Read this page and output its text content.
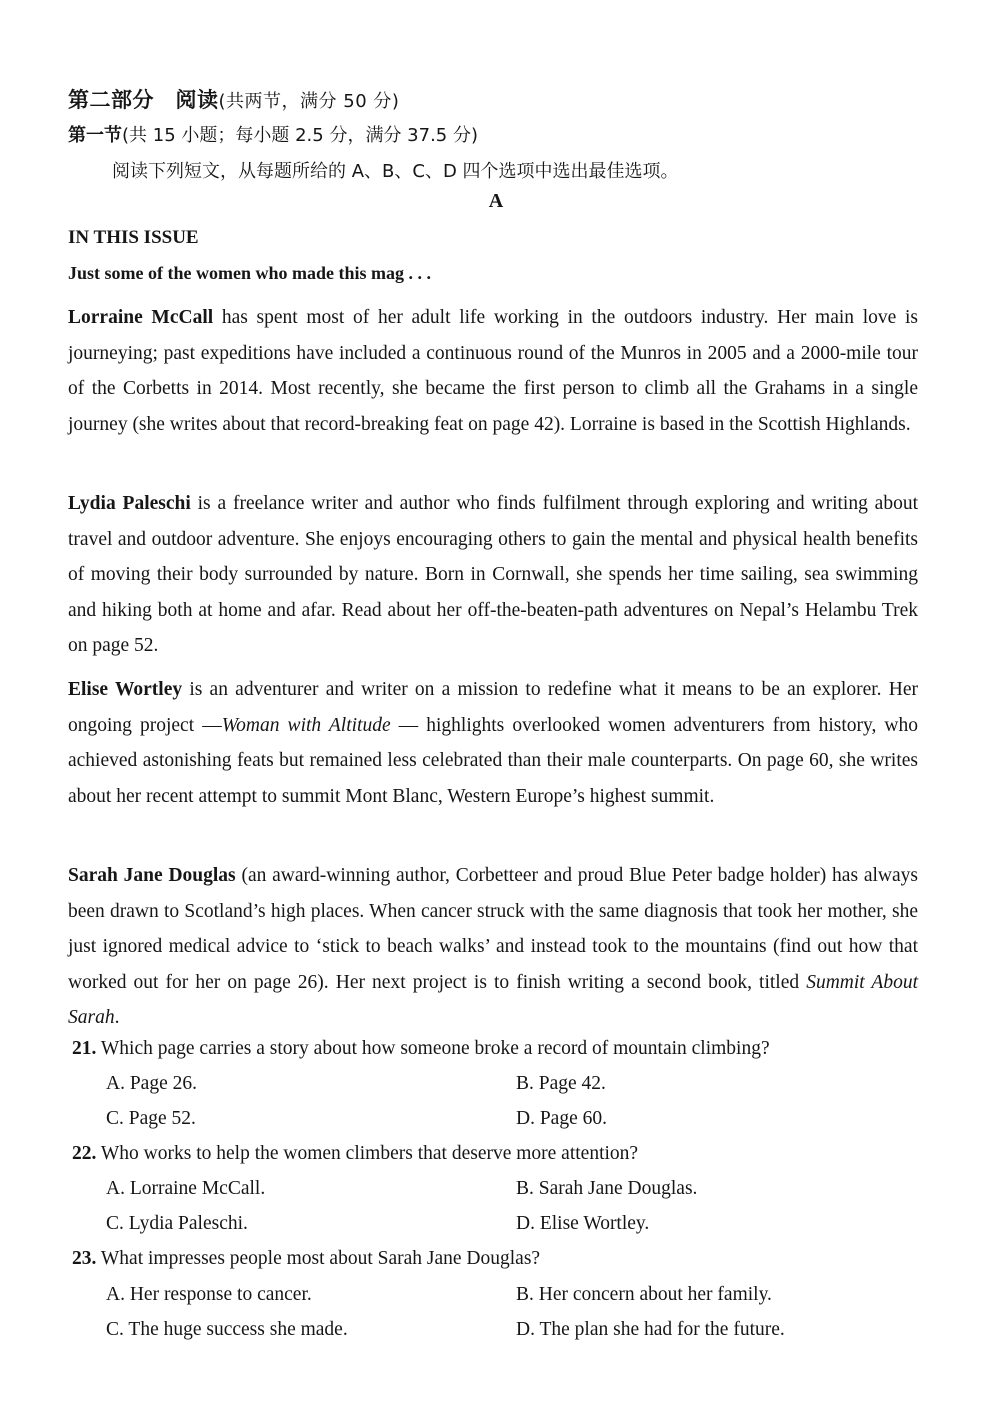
第二部分　阅读(共两节，满分 50 分)
第一节(共 15 小题；每小题 2.5 分，满分 37.5 分)
阅读下列短文，从每题所给的 A、B、C、D 四个选项中选出最佳选项。
A
IN THIS ISSUE
Just some of the women who made this mag . . .
Lorraine McCall has spent most of her adult life working in the outdoors industry. Her main love is journeying; past expeditions have included a continuous round of the Munros in 2005 and a 2000-mile tour of the Corbetts in 2014. Most recently, she became the first person to climb all the Grahams in a single journey (she writes about that record-breaking feat on page 42). Lorraine is based in the Scottish Highlands.
Lydia Paleschi is a freelance writer and author who finds fulfilment through exploring and writing about travel and outdoor adventure. She enjoys encouraging others to gain the mental and physical health benefits of moving their body surrounded by nature. Born in Cornwall, she spends her time sailing, sea swimming and hiking both at home and afar. Read about her off-the-beaten-path adventures on Nepal’s Helambu Trek on page 52.
Elise Wortley is an adventurer and writer on a mission to redefine what it means to be an explorer. Her ongoing project —Woman with Altitude — highlights overlooked women adventurers from history, who achieved astonishing feats but remained less celebrated than their male counterparts. On page 60, she writes about her recent attempt to summit Mont Blanc, Western Europe’s highest summit.
Sarah Jane Douglas (an award-winning author, Corbetteer and proud Blue Peter badge holder) has always been drawn to Scotland’s high places. When cancer struck with the same diagnosis that took her mother, she just ignored medical advice to ‘stick to beach walks’ and instead took to the mountains (find out how that worked out for her on page 26). Her next project is to finish writing a second book, titled Summit About Sarah.
21. Which page carries a story about how someone broke a record of mountain climbing?
A. Page 26.	B. Page 42.
C. Page 52.	D. Page 60.
22. Who works to help the women climbers that deserve more attention?
A. Lorraine McCall.	B. Sarah Jane Douglas.
C. Lydia Paleschi.	D. Elise Wortley.
23. What impresses people most about Sarah Jane Douglas?
A. Her response to cancer.	B. Her concern about her family.
C. The huge success she made.	D. The plan she had for the future.
